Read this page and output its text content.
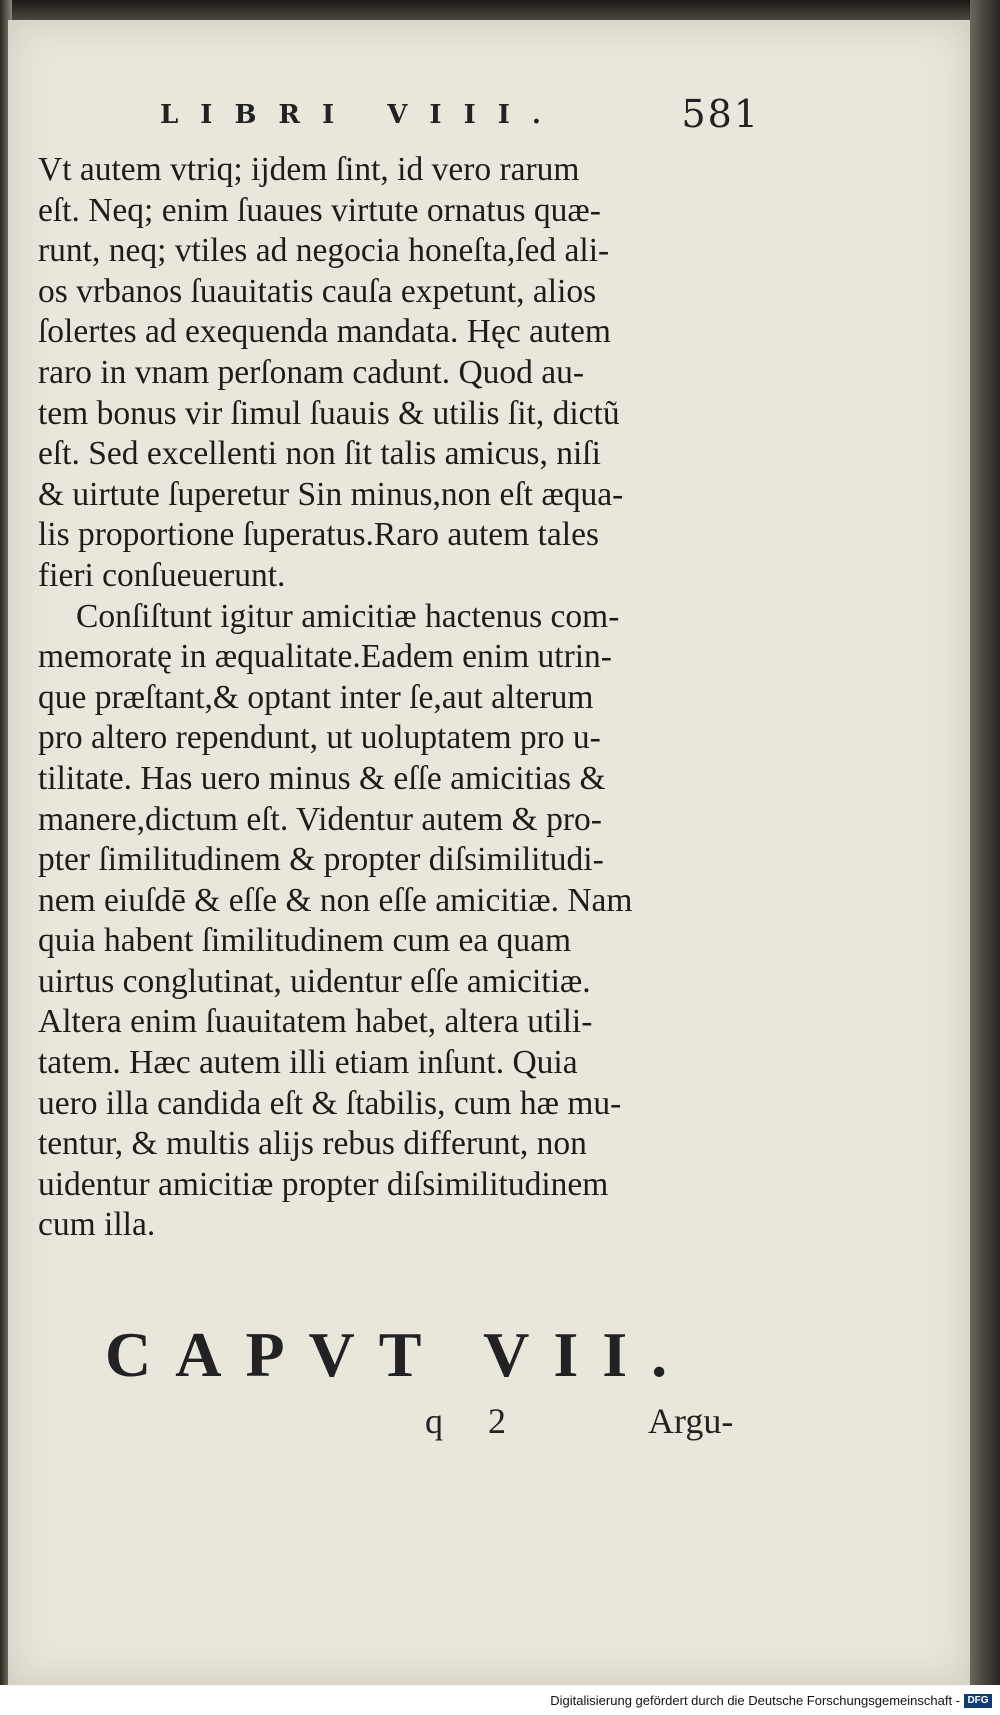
LIBRI VIII.	581
Vt autem vtriq; ijdem ſint, id vero rarum
eſt. Neq; enim ſuaues virtute ornatus quæ-
runt, neq; vtiles ad negocia honeſta,ſed ali-
os vrbanos ſuauitatis cauſa expetunt, alios
ſolertes ad exequenda mandata. Hęc autem
raro in vnam perſonam cadunt. Quod au-
tem bonus vir ſimul ſuauis & utilis ſit, dictũ
eſt. Sed excellenti non ſit talis amicus, niſi
& uirtute ſuperetur Sin minus,non eſt æqua-
lis proportione ſuperatus.Raro autem tales
fieri conſueuerunt.
Conſiſtunt igitur amicitiæ hactenus com-
memoratę in æqualitate.Eadem enim utrin-
que præſtant,& optant inter ſe,aut alterum
pro altero rependunt, ut uoluptatem pro u-
tilitate. Has uero minus & eſſe amicitias &
manere,dictum eſt. Videntur autem & pro-
pter ſimilitudinem & propter diſsimilitudi-
nem eiuſdē & eſſe & non eſſe amicitiæ. Nam
quia habent ſimilitudinem cum ea quam
uirtus conglutinat, uidentur eſſe amicitiæ.
Altera enim ſuauitatem habet, altera utili-
tatem. Hæc autem illi etiam inſunt. Quia
uero illa candida eſt & ſtabilis, cum hæ mu-
tentur, & multis alijs rebus differunt, non
uidentur amicitiæ propter diſsimilitudinem
cum illa.
CAPVT VII.
q 2	Argu-
Digitalisierung gefördert durch die Deutsche Forschungsgemeinschaft - DFG
